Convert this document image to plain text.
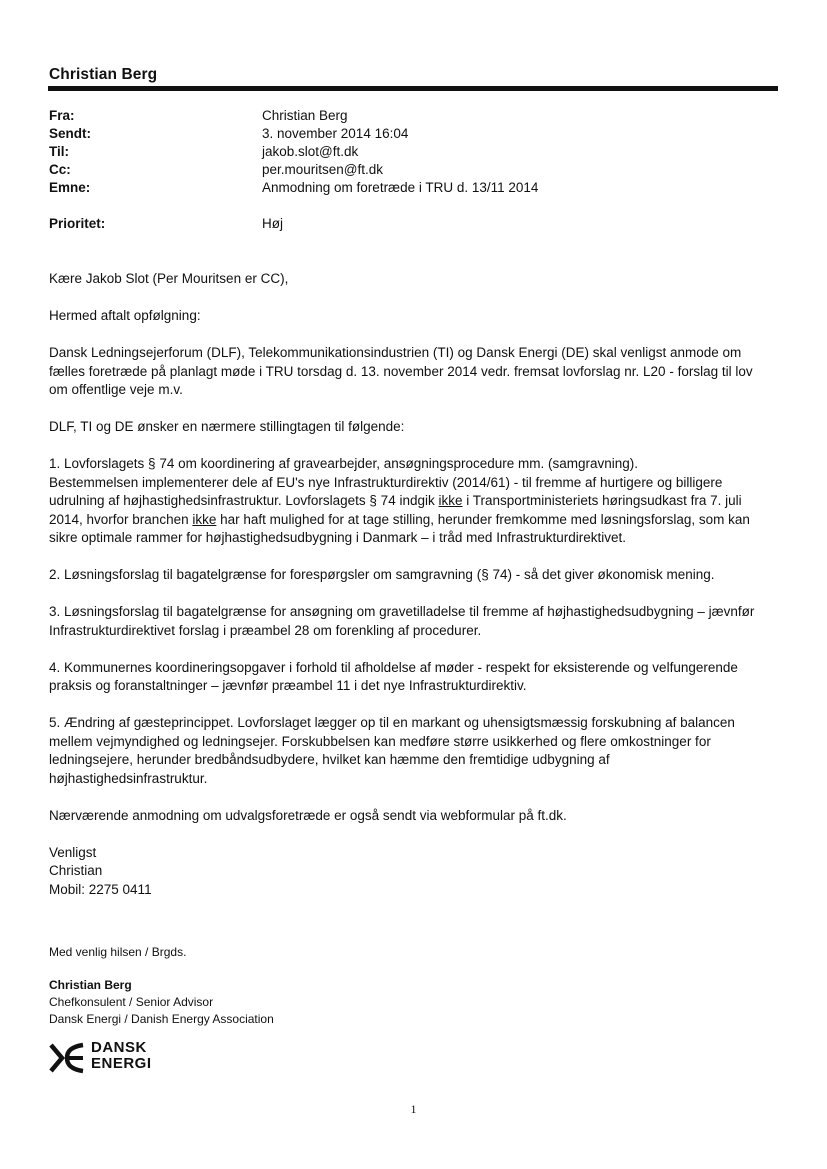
Christian Berg
Fra:	Christian Berg
Sendt:	3. november 2014 16:04
Til:	jakob.slot@ft.dk
Cc:	per.mouritsen@ft.dk
Emne:	Anmodning om foretræde i TRU d. 13/11 2014
Prioritet:	Høj

Kære Jakob Slot (Per Mouritsen er CC),

Hermed aftalt opfølgning:

Dansk Ledningsejerforum (DLF), Telekommunikationsindustrien (TI) og Dansk Energi (DE) skal venligst anmode om fælles foretræde på planlagt møde i TRU torsdag d. 13. november 2014 vedr. fremsat lovforslag nr. L20 - forslag til lov om offentlige veje m.v.

DLF, TI og DE ønsker en nærmere stillingtagen til følgende:

1. Lovforslagets § 74 om koordinering af gravearbejder, ansøgningsprocedure mm. (samgravning).
Bestemmelsen implementerer dele af EU's nye Infrastrukturdirektiv (2014/61) - til fremme af hurtigere og billigere udrulning af højhastighedsinfrastruktur. Lovforslagets § 74 indgik ikke i Transportministeriets høringsudkast fra 7. juli 2014, hvorfor branchen ikke har haft mulighed for at tage stilling, herunder fremkomme med løsningsforslag, som kan sikre optimale rammer for højhastighedsudbygning i Danmark – i tråd med Infrastrukturdirektivet.

2. Løsningsforslag til bagatelgrænse for forespørgsler om samgravning (§ 74) - så det giver økonomisk mening.

3. Løsningsforslag til bagatelgrænse for ansøgning om gravetilladelse til fremme af højhastighedsudbygning – jævnfør Infrastrukturdirektivet forslag i præambel 28 om forenkling af procedurer.

4. Kommunernes koordineringsopgaver i forhold til afholdelse af møder - respekt for eksisterende og velfungerende praksis og foranstaltninger – jævnfør præambel 11 i det nye Infrastrukturdirektiv.

5. Ændring af gæsteprincippet. Lovforslaget lægger op til en markant og uhensigtsmæssig forskubning af balancen mellem vejmyndighed og ledningsejer. Forskubbelsen kan medføre større usikkerhed og flere omkostninger for ledningsejere, herunder bredbåndsudbydere, hvilket kan hæmme den fremtidige udbygning af højhastighedsinfrastruktur.

Nærværende anmodning om udvalgsforetræde er også sendt via webformular på ft.dk.

Venligst
Christian
Mobil: 2275 0411

Med venlig hilsen / Brgds.
Christian Berg
Chefkonsulent / Senior Advisor
Dansk Energi / Danish Energy Association
DANSK
ENERGI
1
